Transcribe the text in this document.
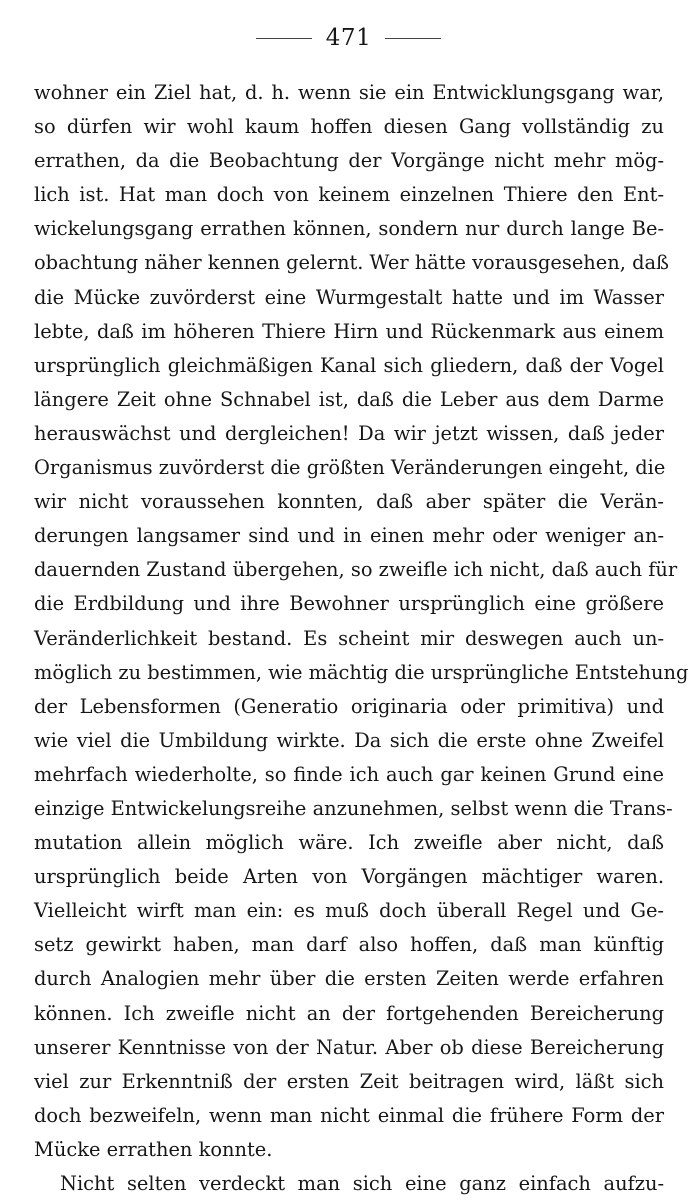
471
wohner ein Ziel hat, d. h. wenn sie ein Entwicklungsgang war,
so dürfen wir wohl kaum hoffen diesen Gang vollständig zu
errathen, da die Beobachtung der Vorgänge nicht mehr mög-
lich ist. Hat man doch von keinem einzelnen Thiere den Ent-
wickelungsgang errathen können, sondern nur durch lange Be-
obachtung näher kennen gelernt. Wer hätte vorausgesehen, daß
die Mücke zuvörderst eine Wurmgestalt hatte und im Wasser
lebte, daß im höheren Thiere Hirn und Rückenmark aus einem
ursprünglich gleichmäßigen Kanal sich gliedern, daß der Vogel
längere Zeit ohne Schnabel ist, daß die Leber aus dem Darme
herauswächst und dergleichen! Da wir jetzt wissen, daß jeder
Organismus zuvörderst die größten Veränderungen eingeht, die
wir nicht voraussehen konnten, daß aber später die Verän-
derungen langsamer sind und in einen mehr oder weniger an-
dauernden Zustand übergehen, so zweifle ich nicht, daß auch für
die Erdbildung und ihre Bewohner ursprünglich eine größere
Veränderlichkeit bestand. Es scheint mir deswegen auch un-
möglich zu bestimmen, wie mächtig die ursprüngliche Entstehung
der Lebensformen (Generatio originaria oder primitiva) und
wie viel die Umbildung wirkte. Da sich die erste ohne Zweifel
mehrfach wiederholte, so finde ich auch gar keinen Grund eine
einzige Entwickelungsreihe anzunehmen, selbst wenn die Trans-
mutation allein möglich wäre. Ich zweifle aber nicht, daß
ursprünglich beide Arten von Vorgängen mächtiger waren.
Vielleicht wirft man ein: es muß doch überall Regel und Ge-
setz gewirkt haben, man darf also hoffen, daß man künftig
durch Analogien mehr über die ersten Zeiten werde erfahren
können. Ich zweifle nicht an der fortgehenden Bereicherung
unserer Kenntnisse von der Natur. Aber ob diese Bereicherung
viel zur Erkenntniß der ersten Zeit beitragen wird, läßt sich
doch bezweifeln, wenn man nicht einmal die frühere Form der
Mücke errathen konnte.
Nicht selten verdeckt man sich eine ganz einfach aufzu-
